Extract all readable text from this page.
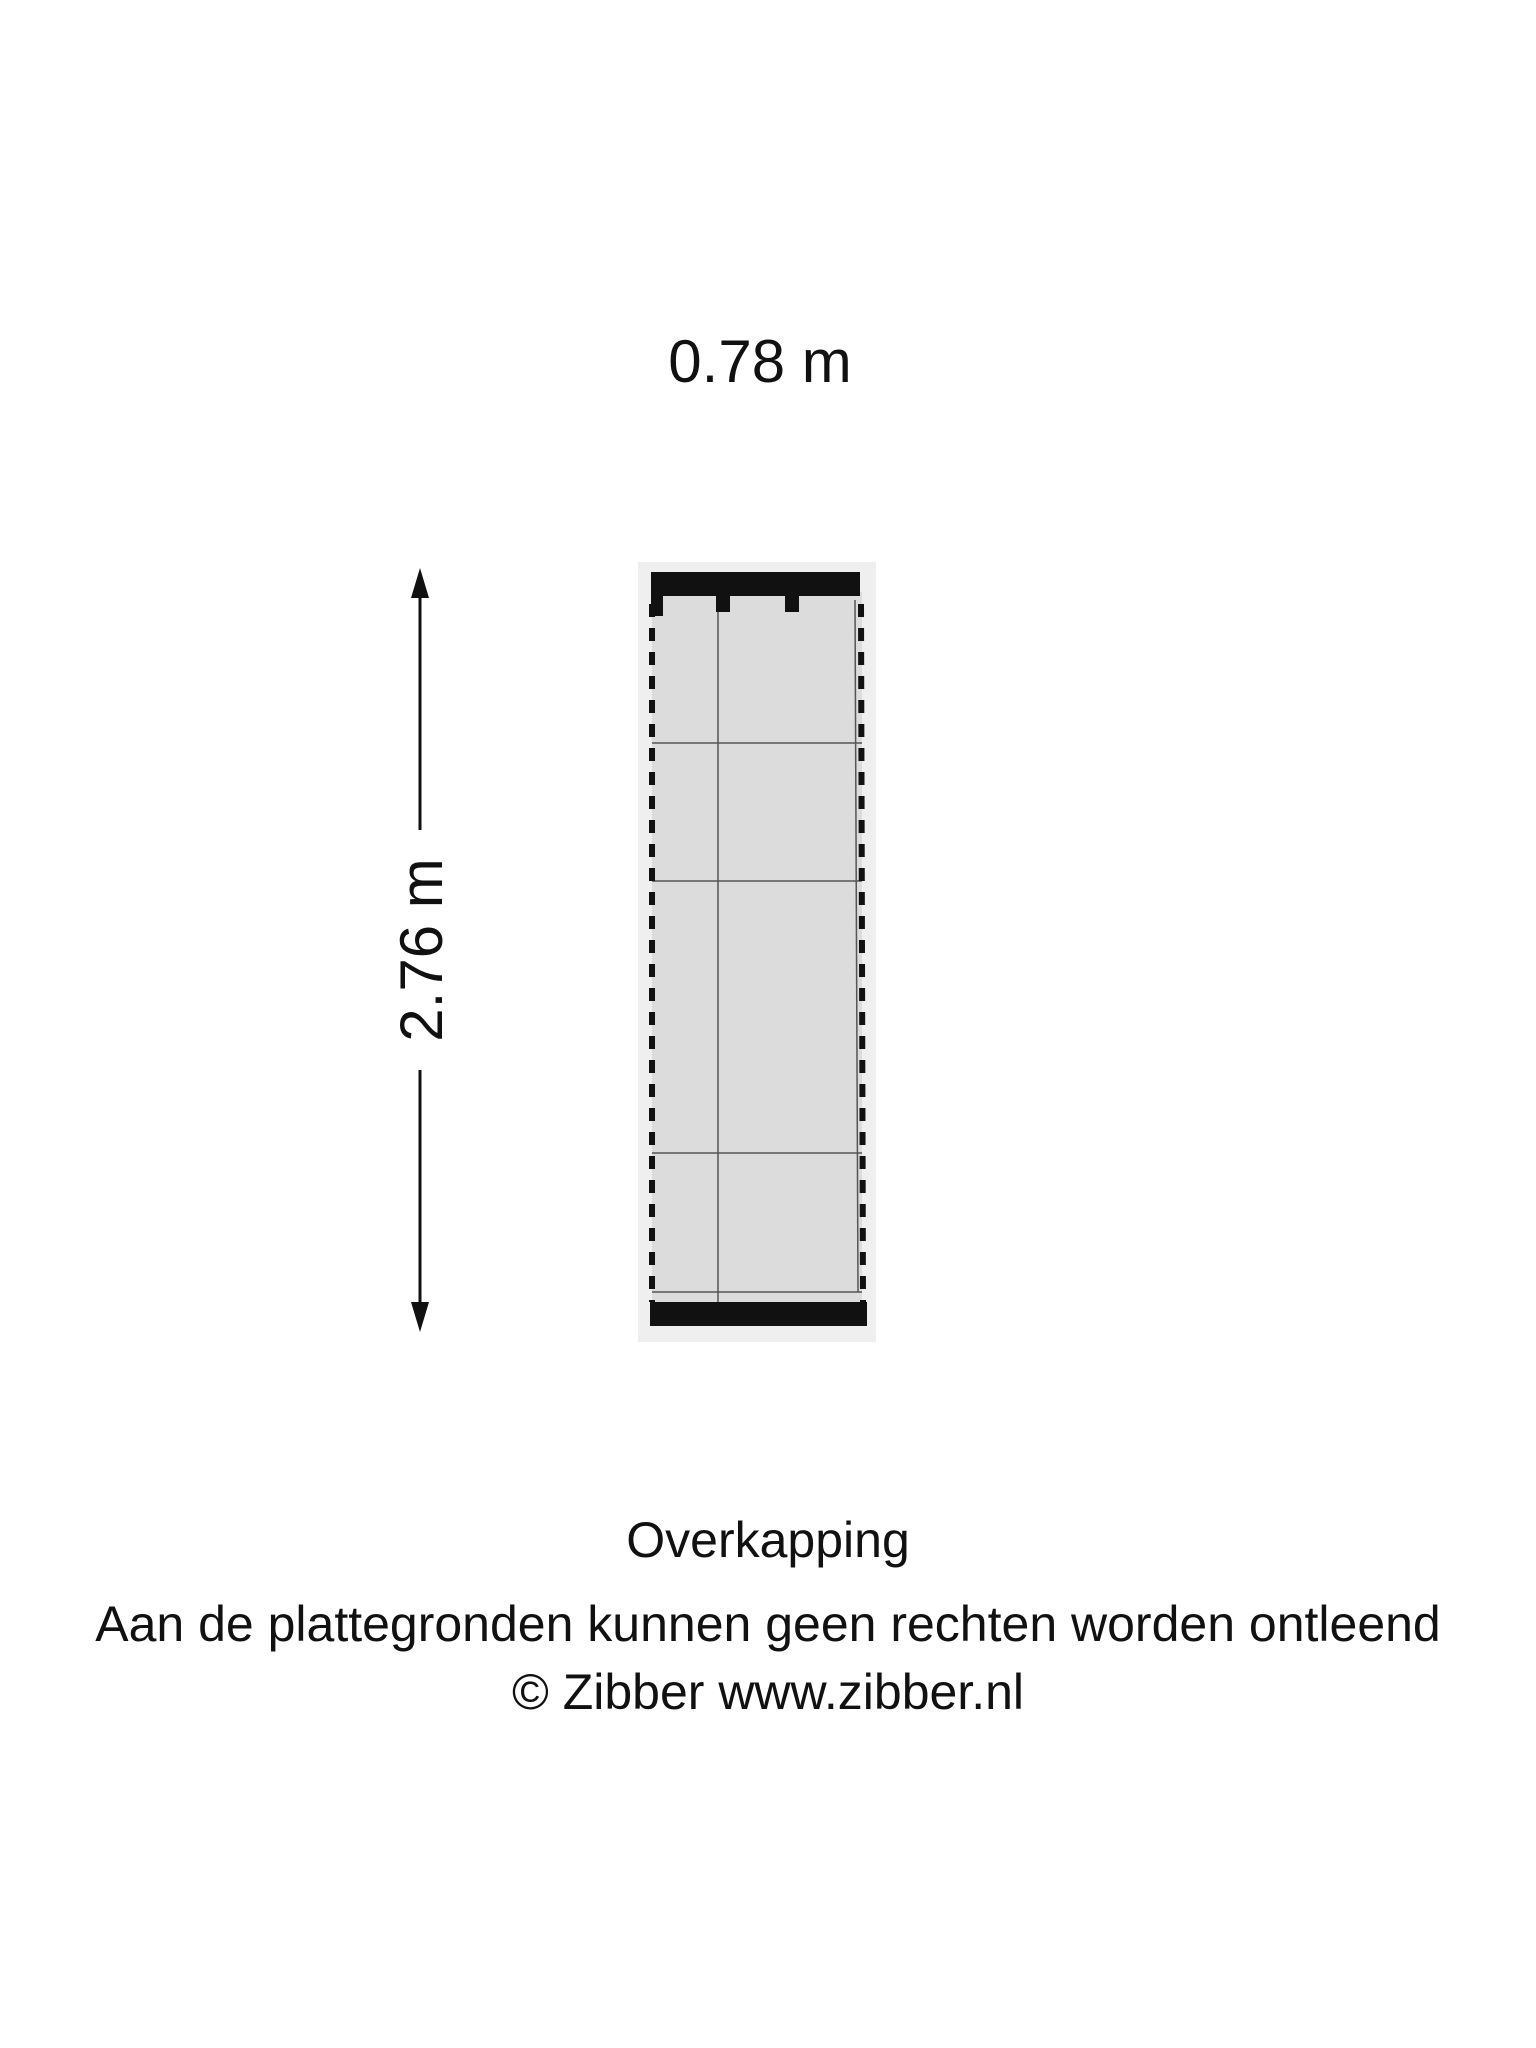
0.78 m
2.76 m
Overkapping
Aan de plattegronden kunnen geen rechten worden ontleend
© Zibber www.zibber.nl
